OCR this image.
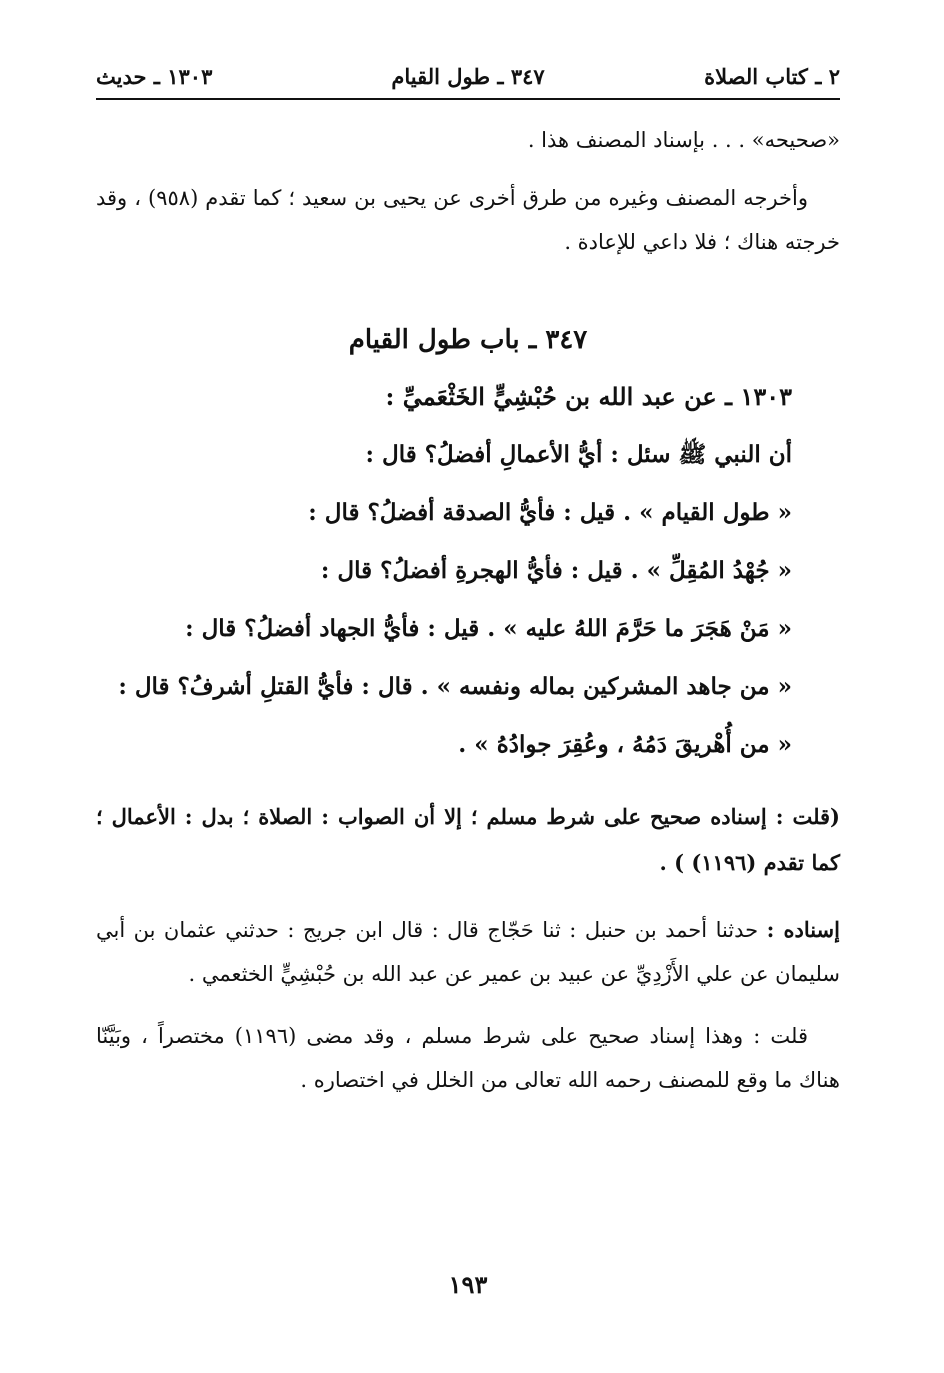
٢ ـ كتاب الصلاة
٣٤٧ ـ طول القيام
١٣٠٣ ـ حديث

«صحيحه» . . . بإسناد المصنف هذا .

وأخرجه المصنف وغيره من طرق أخرى عن يحيى بن سعيد ؛ كما تقدم (٩٥٨) ، وقد خرجته هناك ؛ فلا داعي للإعادة .

٣٤٧ ـ باب طول القيام
١٣٠٣ ـ عن عبد الله بن حُبْشِيٍّ الخَثْعَميِّ :
أن النبي ﷺ سئل : أيُّ الأعمالِ أفضلُ؟ قال :
« طول القيام » . قيل : فأيُّ الصدقة أفضلُ؟ قال :
« جُهْدُ المُقِلِّ » . قيل : فأيُّ الهجرةِ أفضلُ؟ قال :
« مَنْ هَجَرَ ما حَرَّمَ اللهُ عليه » . قيل : فأيُّ الجهاد أفضلُ؟ قال :
« من جاهد المشركين بماله ونفسه » . قال : فأيُّ القتلِ أشرفُ؟ قال :
« من أُهْريقَ دَمُهُ ، وعُقِرَ جوادُهُ » .

(قلت : إسناده صحيح على شرط مسلم ؛ إلا أن الصواب : الصلاة ؛ بدل : الأعمال ؛ كما تقدم (١١٩٦) ) .

إسناده : حدثنا أحمد بن حنبل : ثنا حَجّاج قال : قال ابن جريج : حدثني عثمان بن أبي سليمان عن علي الأَزْدِيِّ عن عبيد بن عمير عن عبد الله بن حُبْشِيٍّ الخثعمي .

قلت : وهذا إسناد صحيح على شرط مسلم ، وقد مضى (١١٩٦) مختصراً ، وبَيَّنّا هناك ما وقع للمصنف رحمه الله تعالى من الخلل في اختصاره .

١٩٣
